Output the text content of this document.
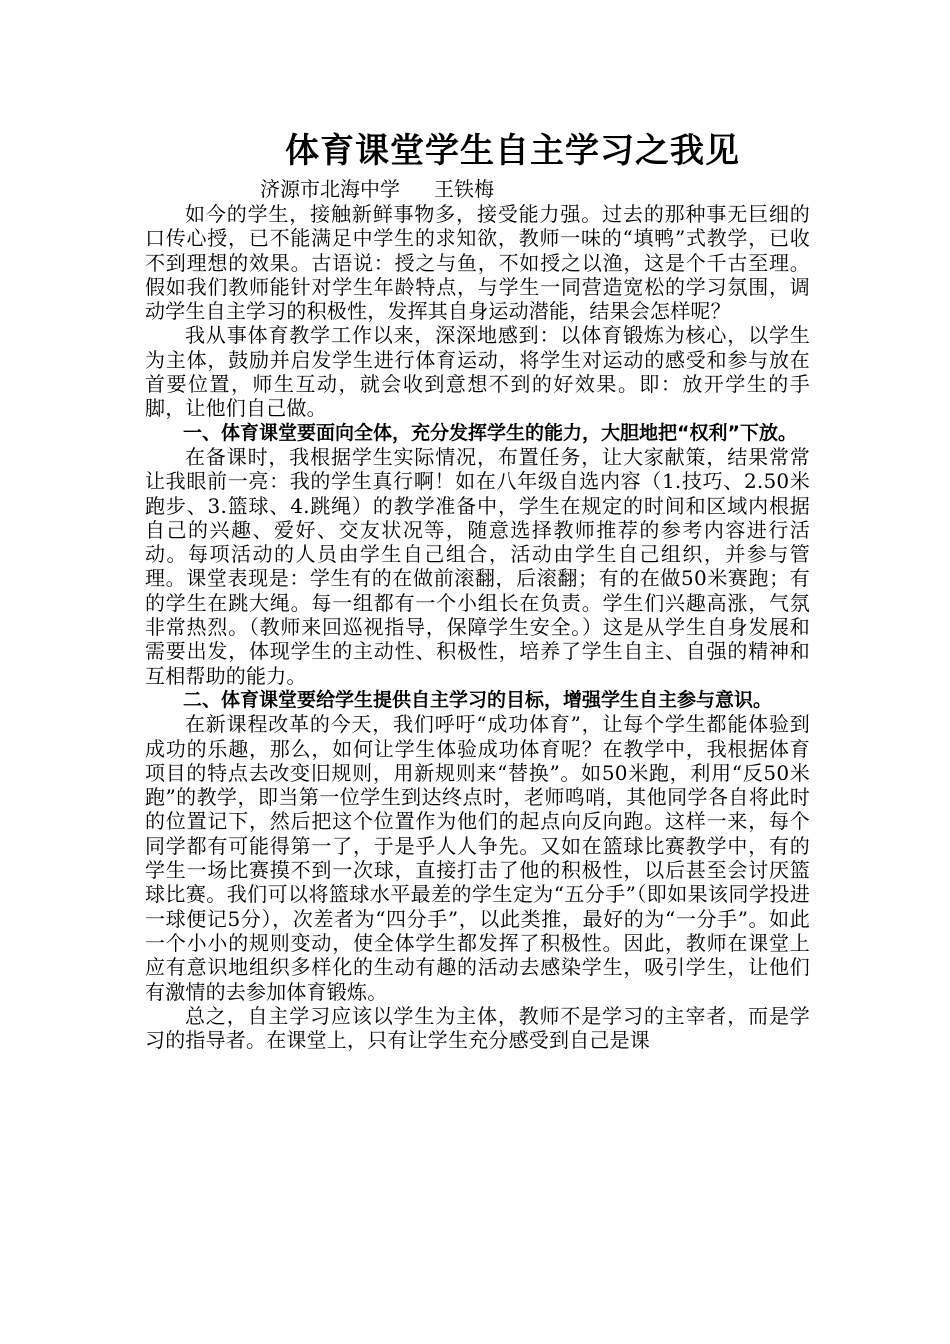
体育课堂学生自主学习之我见

济源市北海中学 王铁梅

如今的学生，接触新鲜事物多，接受能力强。过去的那种事无巨细的口传心授，已不能满足中学生的求知欲，教师一味的“填鸭”式教学，已收不到理想的效果。古语说：授之与鱼，不如授之以渔，这是个千古至理。假如我们教师能针对学生年龄特点，与学生一同营造宽松的学习氛围，调动学生自主学习的积极性，发挥其自身运动潜能，结果会怎样呢？

我从事体育教学工作以来，深深地感到：以体育锻炼为核心，以学生为主体，鼓励并启发学生进行体育运动，将学生对运动的感受和参与放在首要位置，师生互动，就会收到意想不到的好效果。即：放开学生的手脚，让他们自己做。

一、体育课堂要面向全体，充分发挥学生的能力，大胆地把“权利”下放。

在备课时，我根据学生实际情况，布置任务，让大家献策，结果常常让我眼前一亮：我的学生真行啊！如在八年级自选内容（1.技巧、2.50米跑步、3.篮球、4.跳绳）的教学准备中，学生在规定的时间和区域内根据自己的兴趣、爱好、交友状况等，随意选择教师推荐的参考内容进行活动。每项活动的人员由学生自己组合，活动由学生自己组织，并参与管理。课堂表现是：学生有的在做前滚翻，后滚翻；有的在做50米赛跑；有的学生在跳大绳。每一组都有一个小组长在负责。学生们兴趣高涨，气氛非常热烈。（教师来回巡视指导，保障学生安全。）这是从学生自身发展和需要出发，体现学生的主动性、积极性，培养了学生自主、自强的精神和互相帮助的能力。

二、体育课堂要给学生提供自主学习的目标，增强学生自主参与意识。

在新课程改革的今天，我们呼吁“成功体育”，让每个学生都能体验到成功的乐趣，那么，如何让学生体验成功体育呢？在教学中，我根据体育项目的特点去改变旧规则，用新规则来“替换”。如50米跑，利用“反50米跑”的教学，即当第一位学生到达终点时，老师鸣哨，其他同学各自将此时的位置记下，然后把这个位置作为他们的起点向反向跑。这样一来，每个同学都有可能得第一了，于是乎人人争先。又如在篮球比赛教学中，有的学生一场比赛摸不到一次球，直接打击了他的积极性，以后甚至会讨厌篮球比赛。我们可以将篮球水平最差的学生定为“五分手”（即如果该同学投进一球便记5分），次差者为“四分手”，以此类推，最好的为“一分手”。如此一个小小的规则变动，使全体学生都发挥了积极性。因此，教师在课堂上应有意识地组织多样化的生动有趣的活动去感染学生，吸引学生，让他们有激情的去参加体育锻炼。

总之，自主学习应该以学生为主体，教师不是学习的主宰者，而是学习的指导者。在课堂上，只有让学生充分感受到自己是课
